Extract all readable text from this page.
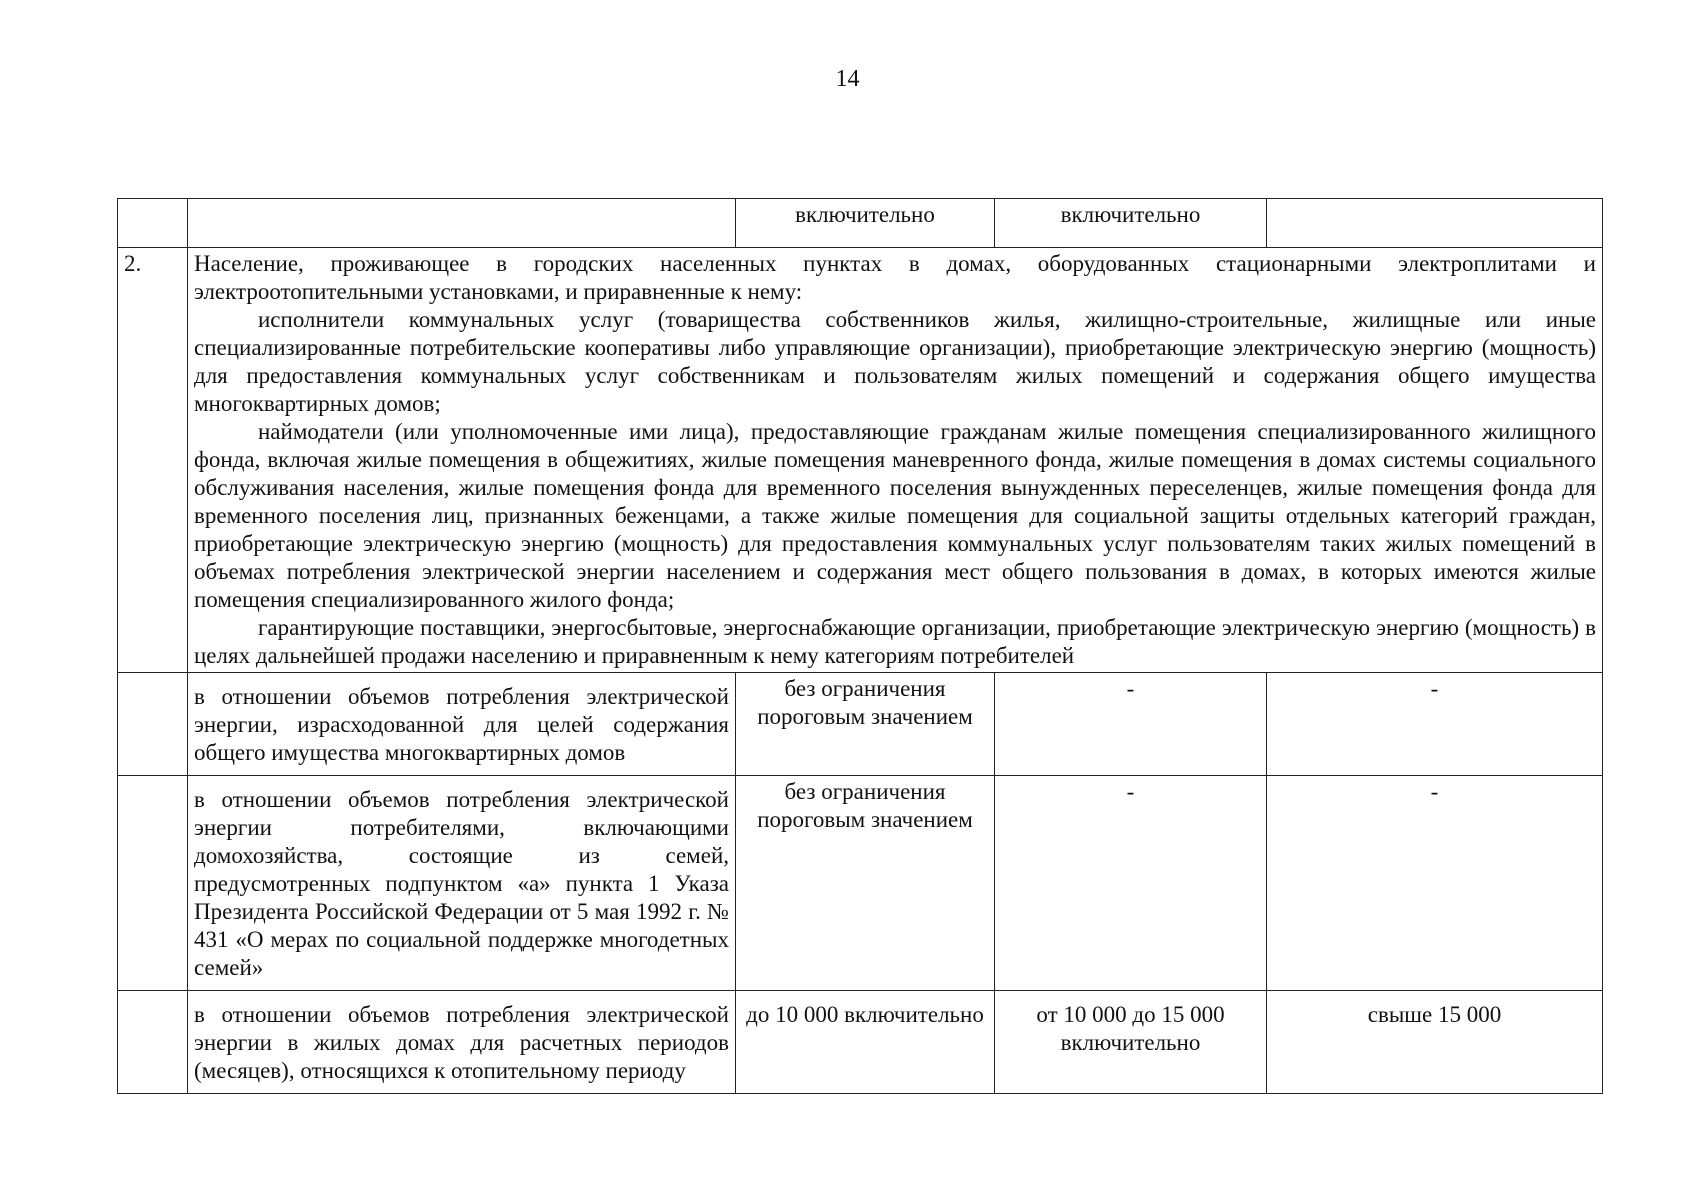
14
		включительно	включительно	
2.	Население, проживающее в городских населенных пунктах в домах, оборудованных стационарными электроплитами и электроотопительными установками, и приравненные к нему:

исполнители коммунальных услуг (товарищества собственников жилья, жилищно-строительные, жилищные или иные специализированные потребительские кооперативы либо управляющие организации), приобретающие электрическую энергию (мощность) для предоставления коммунальных услуг собственникам и пользователям жилых помещений и содержания общего имущества многоквартирных домов;

наймодатели (или уполномоченные ими лица), предоставляющие гражданам жилые помещения специализированного жилищного фонда, включая жилые помещения в общежитиях, жилые помещения маневренного фонда, жилые помещения в домах системы социального обслуживания населения, жилые помещения фонда для временного поселения вынужденных переселенцев, жилые помещения фонда для временного поселения лиц, признанных беженцами, а также жилые помещения для социальной защиты отдельных категорий граждан, приобретающие электрическую энергию (мощность) для предоставления коммунальных услуг пользователям таких жилых помещений в объемах потребления электрической энергии населением и содержания мест общего пользования в домах, в которых имеются жилые помещения специализированного жилого фонда;

гарантирующие поставщики, энергосбытовые, энергоснабжающие организации, приобретающие электрическую энергию (мощность) в целях дальнейшей продажи населению и приравненным к нему категориям потребителей			

	в отношении объемов потребления электрической энергии, израсходованной для целей содержания общего имущества многоквартирных домов	без ограничения пороговым значением	-	-
	в отношении объемов потребления электрической энергии потребителями, включающими домохозяйства, состоящие из семей, предусмотренных подпунктом «а» пункта 1 Указа Президента Российской Федерации от 5 мая 1992 г. № 431 «О мерах по социальной поддержке многодетных семей»	без ограничения пороговым значением	-	-
	в отношении объемов потребления электрической энергии в жилых домах для расчетных периодов (месяцев), относящихся к отопительному периоду	до 10 000 включительно	от 10 000 до 15 000 включительно	свыше 15 000
